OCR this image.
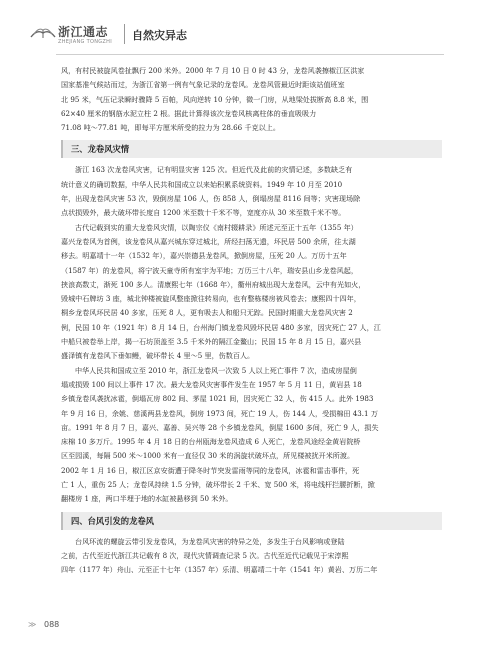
浙江通志
ZHEJIANG TONGZHI 自然灾异志
风，有村民被旋风卷扯飘行 200 米外。2000 年 7 月 10 日 0 时 43 分，龙卷风袭擦椒江区洪家
国家基准气候站而过，为浙江省第一例有气象记录的龙卷风。龙卷风管最近时距该站值班室
北 95 米，气压记录瞬时骤降 5 百帕，风向逆转 10 分钟，微一门房，从地梁处拔断高 8.8 米，围
62×40 厘米的钢筋水泥立柱 2 根。据此计算得该次龙卷风核离柱体的垂直吸吸力
71.08 吨～77.81 吨，即每平方厘米所受的拉力为 28.66 千克以上。
三、龙卷风灾情
浙江 163 次龙卷风灾害，记有明显灾害 125 次。但近代及此前的灾情记述，多数缺乏有
统计意义的确切数据，中华人民共和国成立以来始积累系统资料。1949 年 10 月至 2010
年，出现龙卷风灾害 53 次，毁倒房屋 106 人，伤 858 人，倒塌房屋 8116 间等；灾害现场除
点状损毁外，最大破坏带长度自 1200 米至数十千米不等，宽度亦从 30 米至数千米不等。
古代记载到实的重大龙卷风灾情，以陶宗仪《南村辍耕录》所述元至正十五年（1355 年）
嘉兴龙卷风为首例，该龙卷风从嘉兴城东穿过城北，所经扫荡无遗，坏民居 500 余所，往太湖
移去。明嘉靖十一年（1532 年），嘉兴崇德县龙卷风，掀倒房屋，压死 20 人。万历十五年
（1587 年）的龙卷风，将宁波天童寺所有室宇为平地；万历三十八年，瑞安县山乡龙卷风起，
挟浪高数丈，渐死 100 多人。清康熙七年（1668 年），衢州府城出现大龙卷风，云中有光如火，
毁城中石牌坊 3 座，城北钟楼被旋风整座掀往转易向，也有整栋楼房被风卷去；康熙四十四年，
桐乡龙卷风坏民居 40 多家，压死 8 人，更有吸去人和船只无踪。民国时期重大龙卷风灾害 2
例，民国 10 年（1921 年）8 月 14 日，台州海门镇龙卷风毁坏民居 480 多家，因灾死亡 27 人，江
中船只被卷举上岸，揭一石坊顶盖至 3.5 千米外的隔江金鳌山；民国 15 年 8 月 15 日，嘉兴县
盛泽镇有龙卷风下垂如鳗，破坏带长 4 里～5 里，伤数百人。
中华人民共和国成立至 2010 年，浙江龙卷风一次致 5 人以上死亡事件 7 次，造成房屋倒
塌或损毁 100 间以上事件 17 次。最大龙卷风灾害事件发生在 1957 年 5 月 11 日，黄岩县 18
乡镇龙卷风袭扰冰雹，倒塌瓦房 802 间、茅屋 1021 间，因灾死亡 32 人，伤 415 人。此外 1983
年 9 月 16 日，余姚、慈溪两县龙卷风，倒房 1973 间，死亡 19 人，伤 144 人，受损棉田 43.1 万
亩。1991 年 8 月 7 日，嘉兴、嘉善、吴兴等 28 个乡镇龙卷风，倒屋 1600 多间，死亡 9 人，损失
床棉 10 多万斤。1995 年 4 月 18 日的台州瓯海龙卷风造成 6 人死亡，龙卷风途经金黄岩院桥
区至园溪，每隔 500 米～1000 米有一直径仅 30 米的涡旋状破坏点，所见楼被扰开米所渡。
2002 年 1 月 16 日，椒江区京安街遭于降冬时节突发雷雨等同的龙卷风，冰雹和雷击事件，死
亡 1 人，重伤 25 人；龙卷风持续 1.5 分钟，破坏带长 2 千米、宽 500 米，将电线杆拦腰折断，掀
翻楼房 1 座，两口半埋于地的水缸被悬移到 50 米外。
四、台风引发的龙卷风
台风环流的螺旋云带引发龙卷风，为龙卷风灾害的特异之处，多发生于台风影响或登陆
之前，古代至近代浙江共记载有 8 次，现代灾情调查记录 5 次。古代至近代记载见于宋淳熙
四年（1177 年）舟山、元至正十七年（1357 年）乐清、明嘉靖二十年（1541 年）黄岩、万历二年
≫ 088
